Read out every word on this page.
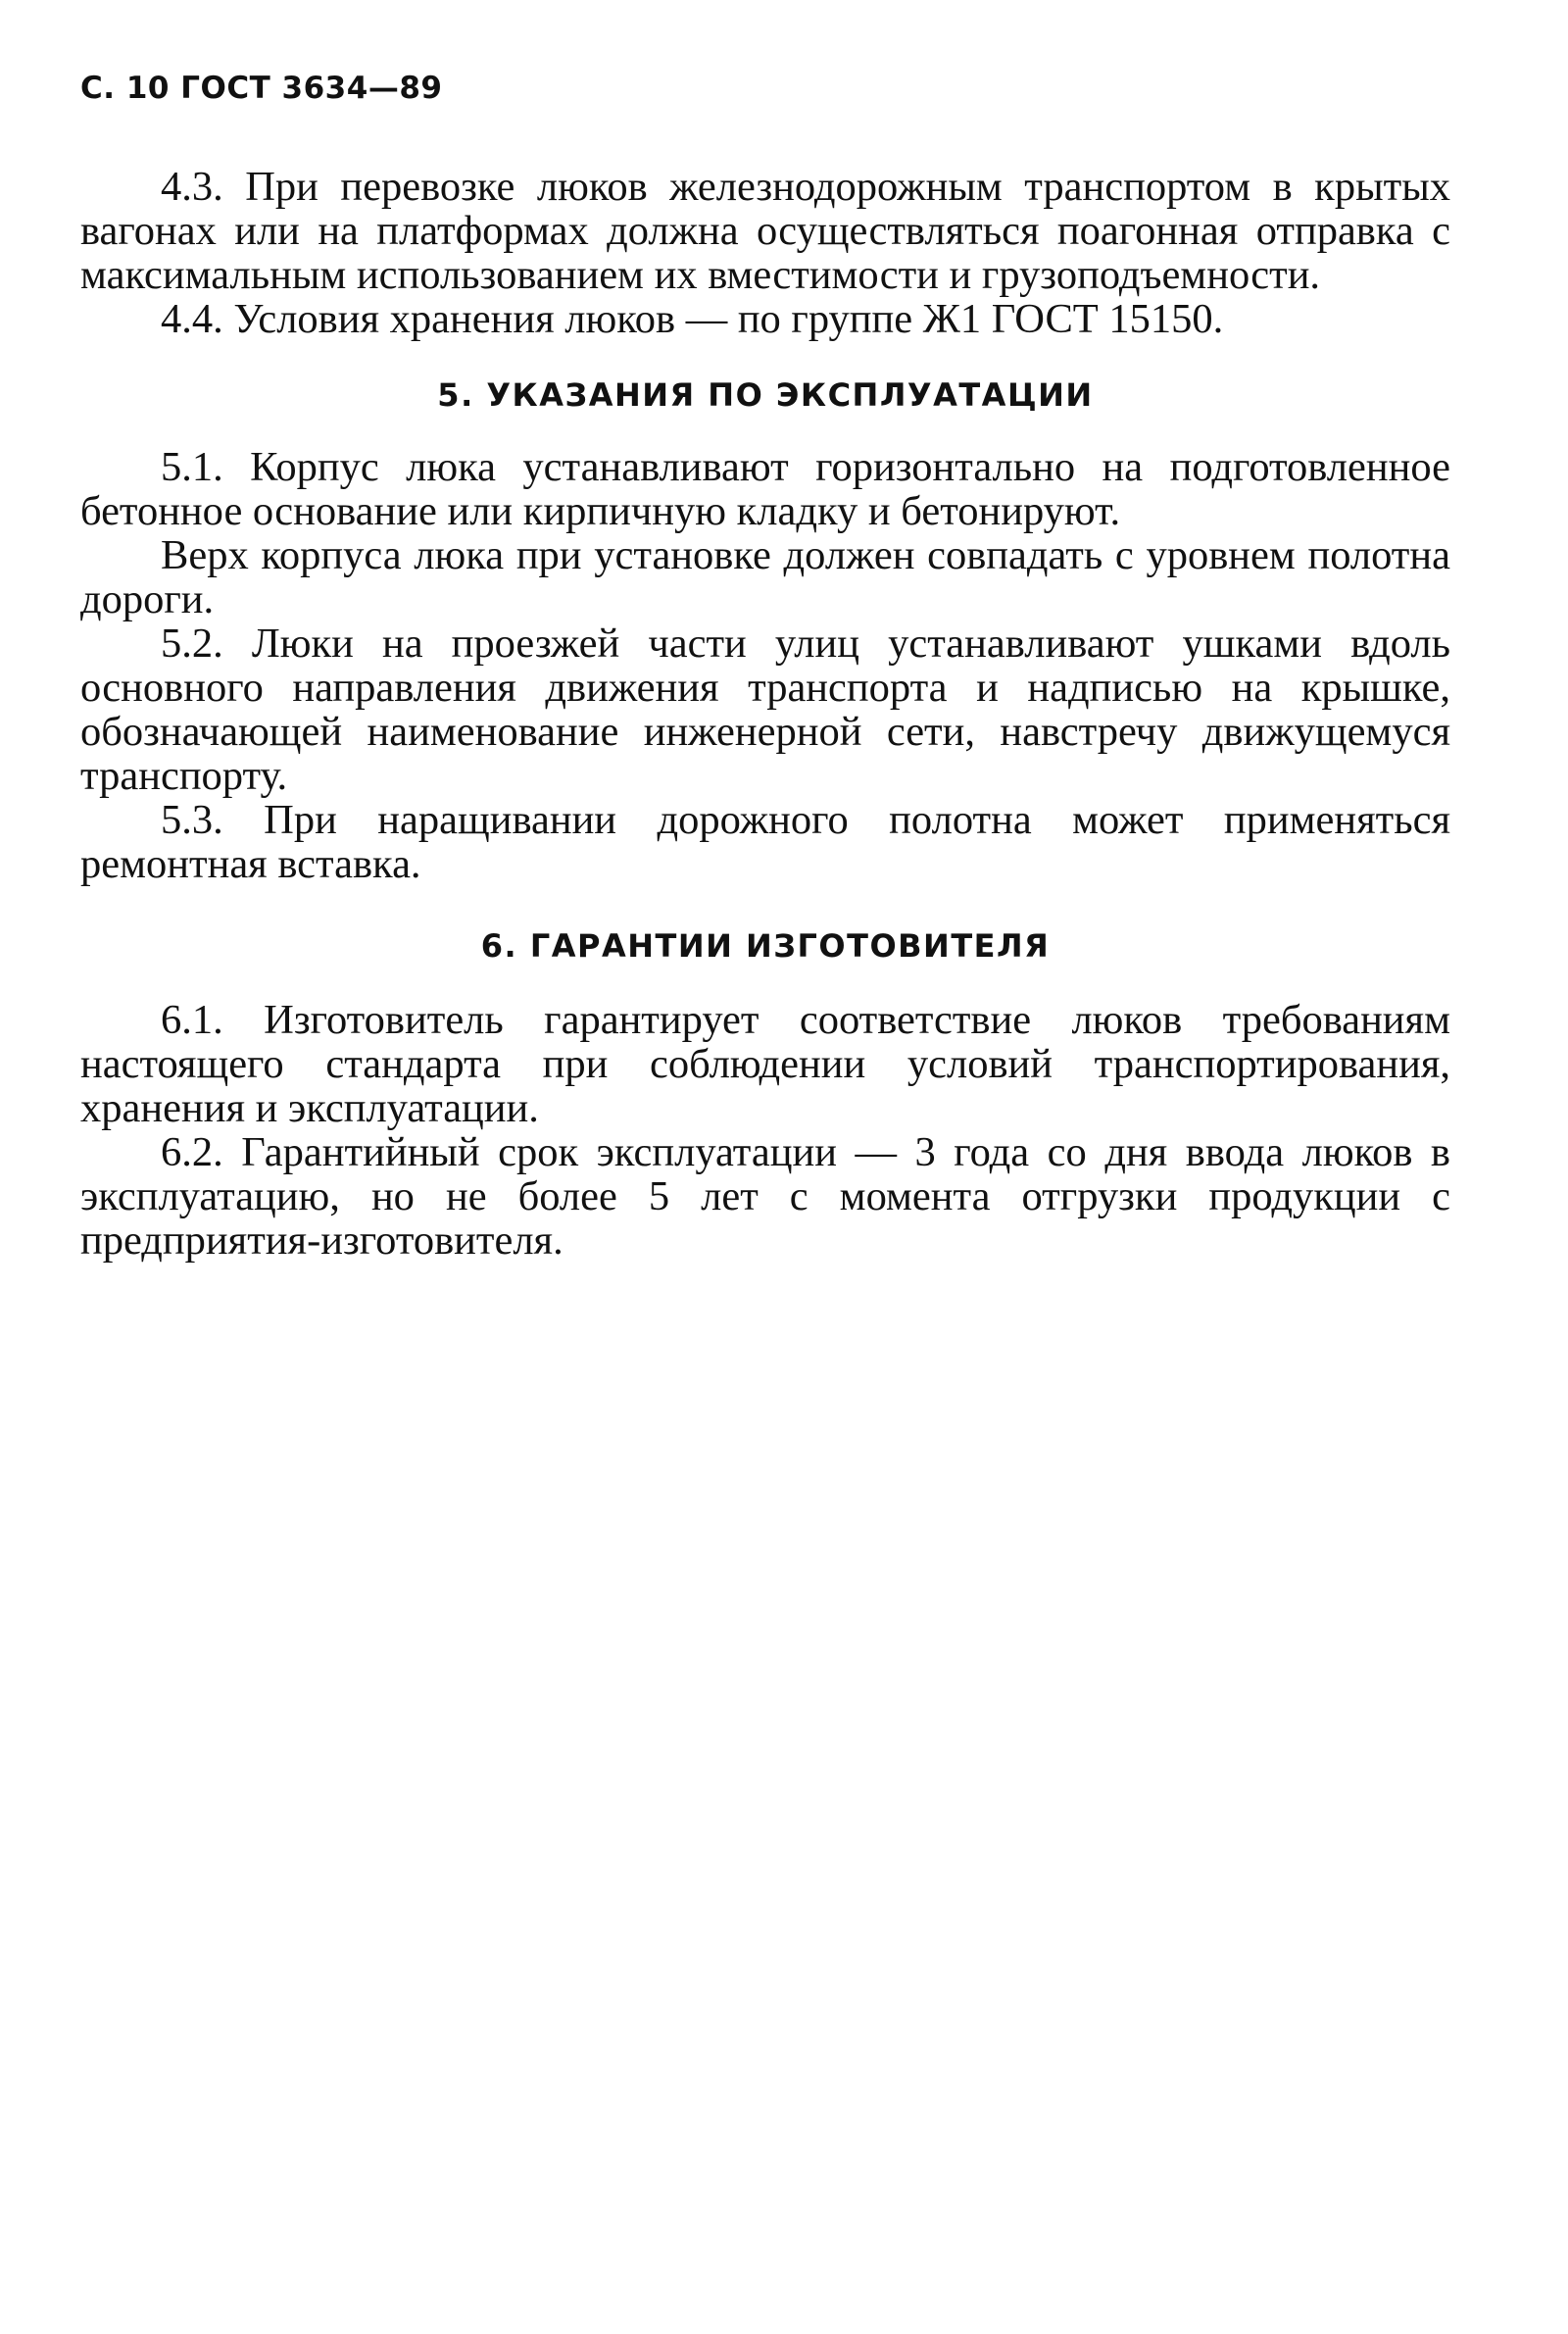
С. 10 ГОСТ 3634—89

4.3. При перевозке люков железнодорожным транспортом в крытых вагонах или на платформах должна осуществляться поагонная отправка с максимальным использованием их вместимости и грузоподъемности.

4.4. Условия хранения люков — по группе Ж1 ГОСТ 15150.

5. УКАЗАНИЯ ПО ЭКСПЛУАТАЦИИ

5.1. Корпус люка устанавливают горизонтально на подготовленное бетонное основание или кирпичную кладку и бетонируют.

Верх корпуса люка при установке должен совпадать с уровнем полотна дороги.

5.2. Люки на проезжей части улиц устанавливают ушками вдоль основного направления движения транспорта и надписью на крышке, обозначающей наименование инженерной сети, навстречу движущемуся транспорту.

5.3. При наращивании дорожного полотна может применяться ремонтная вставка.

6. ГАРАНТИИ ИЗГОТОВИТЕЛЯ

6.1. Изготовитель гарантирует соответствие люков требованиям настоящего стандарта при соблюдении условий транспортирования, хранения и эксплуатации.

6.2. Гарантийный срок эксплуатации — 3 года со дня ввода люков в эксплуатацию, но не более 5 лет с момента отгрузки продукции с предприятия-изготовителя.
